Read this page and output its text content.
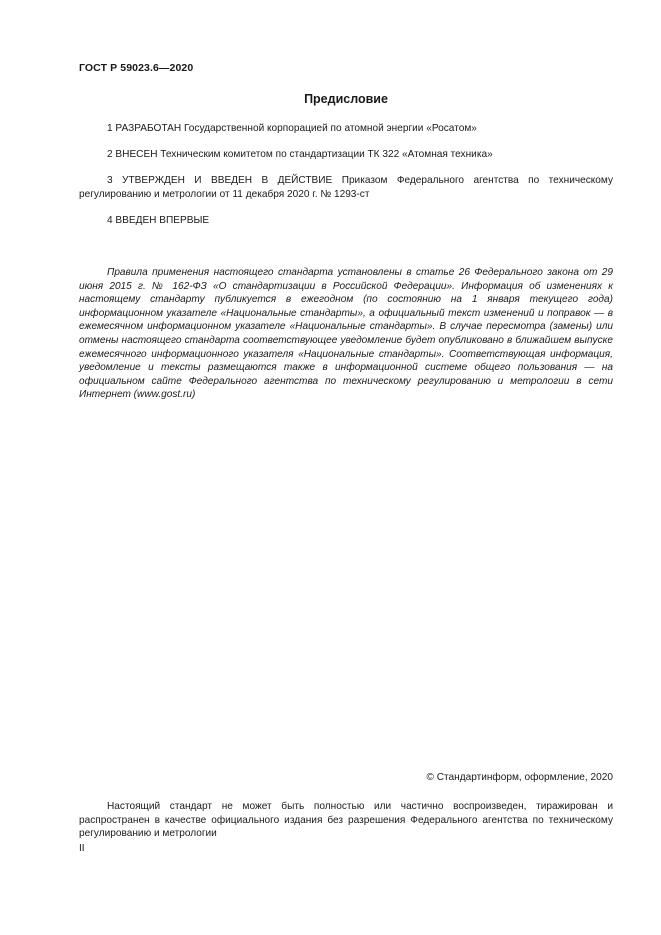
ГОСТ Р 59023.6—2020
Предисловие
1 РАЗРАБОТАН Государственной корпорацией по атомной энергии «Росатом»
2 ВНЕСЕН Техническим комитетом по стандартизации ТК 322 «Атомная техника»
3 УТВЕРЖДЕН И ВВЕДЕН В ДЕЙСТВИЕ Приказом Федерального агентства по техническому регулированию и метрологии от 11 декабря 2020 г. № 1293-ст
4 ВВЕДЕН ВПЕРВЫЕ
Правила применения настоящего стандарта установлены в статье 26 Федерального закона от 29 июня 2015 г. № 162-ФЗ «О стандартизации в Российской Федерации». Информация об изменениях к настоящему стандарту публикуется в ежегодном (по состоянию на 1 января текущего года) информационном указателе «Национальные стандарты», а официальный текст изменений и поправок — в ежемесячном информационном указателе «Национальные стандарты». В случае пересмотра (замены) или отмены настоящего стандарта соответствующее уведомление будет опубликовано в ближайшем выпуске ежемесячного информационного указателя «Национальные стандарты». Соответствующая информация, уведомление и тексты размещаются также в информационной системе общего пользования — на официальном сайте Федерального агентства по техническому регулированию и метрологии в сети Интернет (www.gost.ru)
© Стандартинформ, оформление, 2020
Настоящий стандарт не может быть полностью или частично воспроизведен, тиражирован и распространен в качестве официального издания без разрешения Федерального агентства по техническому регулированию и метрологии
II
